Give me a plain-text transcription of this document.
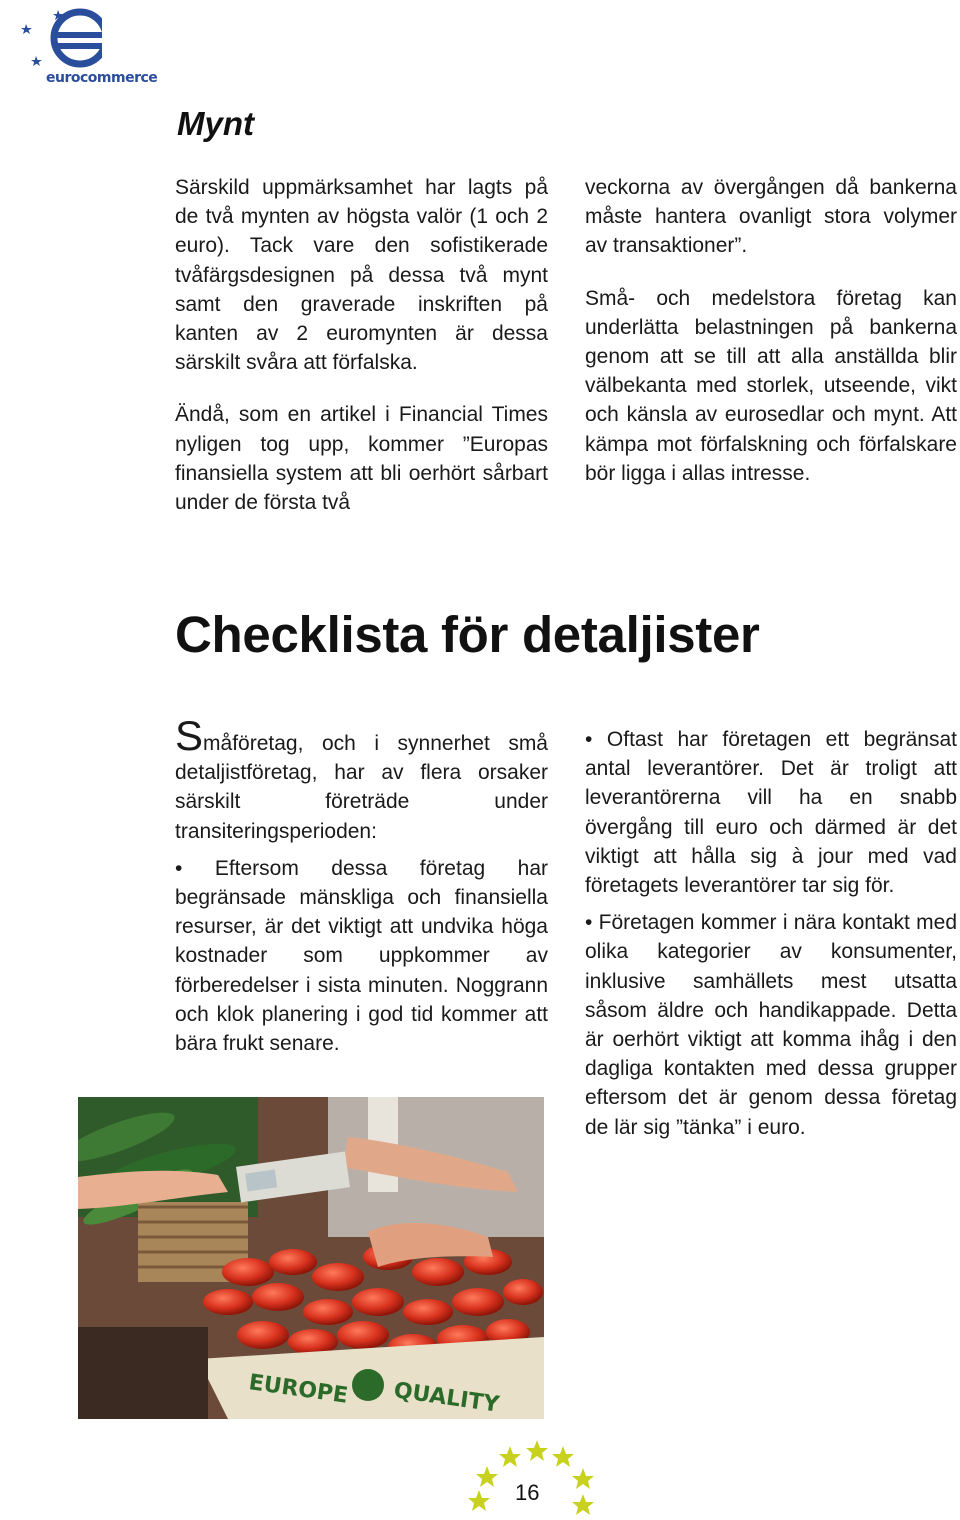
eurocommerce
Mynt

Särskild uppmärksamhet har lagts på de två mynten av högsta valör (1 och 2 euro). Tack vare den sofistikerade tvåfärgsdesignen på dessa två mynt samt den graverade inskriften på kanten av 2 euromynten är dessa särskilt svåra att förfalska.

Ändå, som en artikel i Financial Times nyligen tog upp, kommer ”Europas finansiella system att bli oerhört sårbart under de första två

veckorna av övergången då bankerna måste hantera ovanligt stora volymer av transaktioner”.

Små- och medelstora företag kan underlätta belastningen på bankerna genom att se till att alla anställda blir välbekanta med storlek, utseende, vikt och känsla av eurosedlar och mynt. Att kämpa mot förfalskning och förfalskare bör ligga i allas intresse.

Checklista för detaljister

Småföretag, och i synnerhet små detaljistföretag, har av flera orsaker särskilt företräde under transiteringsperioden:

• Eftersom dessa företag har begränsade mänskliga och finansiella resurser, är det viktigt att undvika höga kostnader som uppkommer av förberedelser i sista minuten. Noggrann och klok planering i god tid kommer att bära frukt senare.

• Oftast har företagen ett begränsat antal leverantörer. Det är troligt att leverantörerna vill ha en snabb övergång till euro och därmed är det viktigt att hålla sig à jour med vad företagets leverantörer tar sig för.

• Företagen kommer i nära kontakt med olika kategorier av konsumenter, inklusive samhällets mest utsatta såsom äldre och handikappade. Detta är oerhört viktigt att komma ihåg i den dagliga kontakten med dessa grupper eftersom det är genom dessa företag de lär sig ”tänka” i euro.

EUROPE QUALITY
16
